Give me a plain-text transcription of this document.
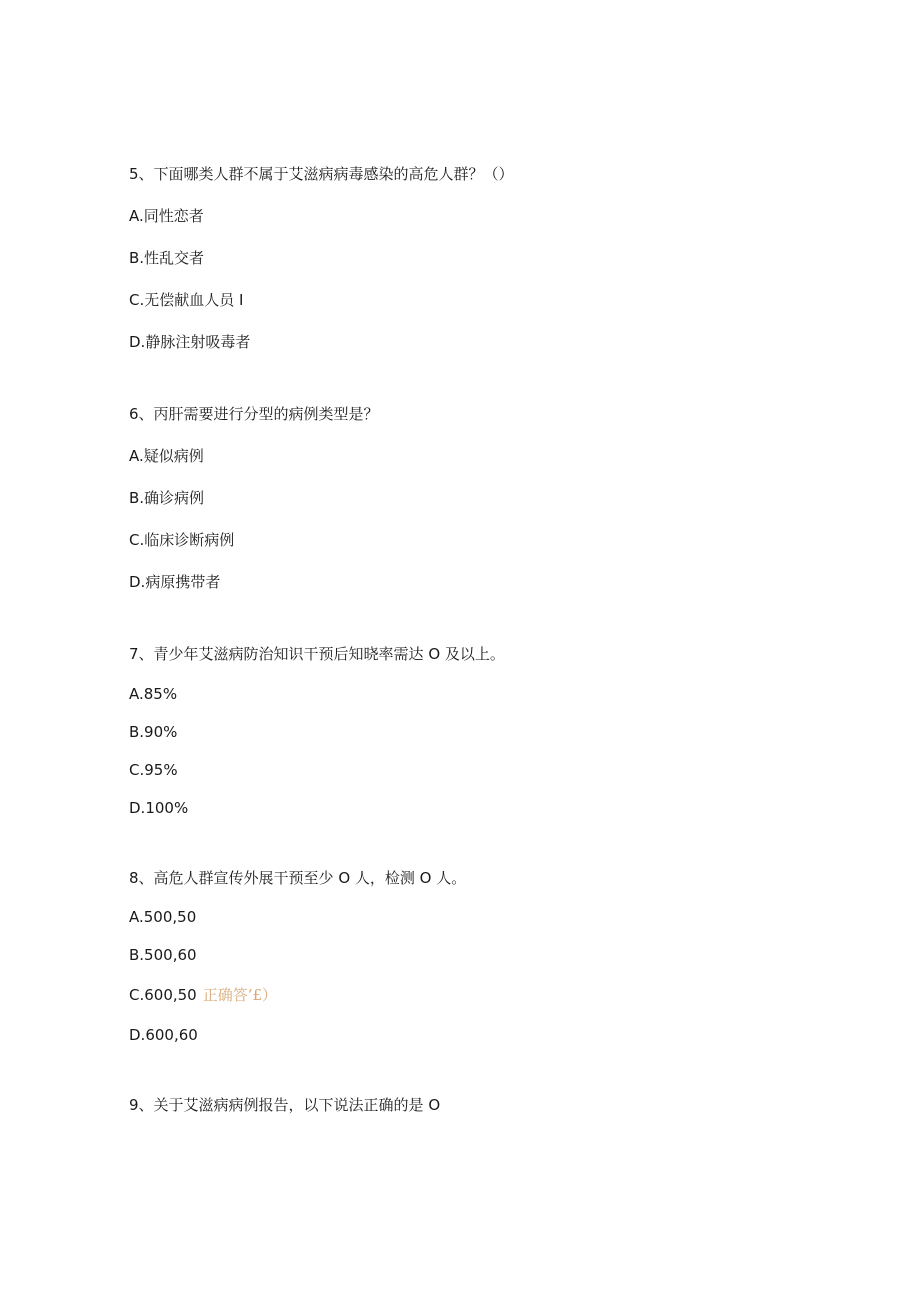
5、下面哪类人群不属于艾滋病病毒感染的高危人群？（）
A.同性恋者
B.性乱交者
C.无偿献血人员 I
D.静脉注射吸毒者
6、丙肝需要进行分型的病例类型是？
A.疑似病例
B.确诊病例
C.临床诊断病例
D.病原携带者
7、青少年艾滋病防治知识干预后知晓率需达 O 及以上。
A.85%
B.90%
C.95%
D.100%
8、高危人群宣传外展干预至少 O 人，检测 O 人。
A.500,50
B.500,60
C.600,50 正确答’£）
D.600,60
9、关于艾滋病病例报告，以下说法正确的是 O
